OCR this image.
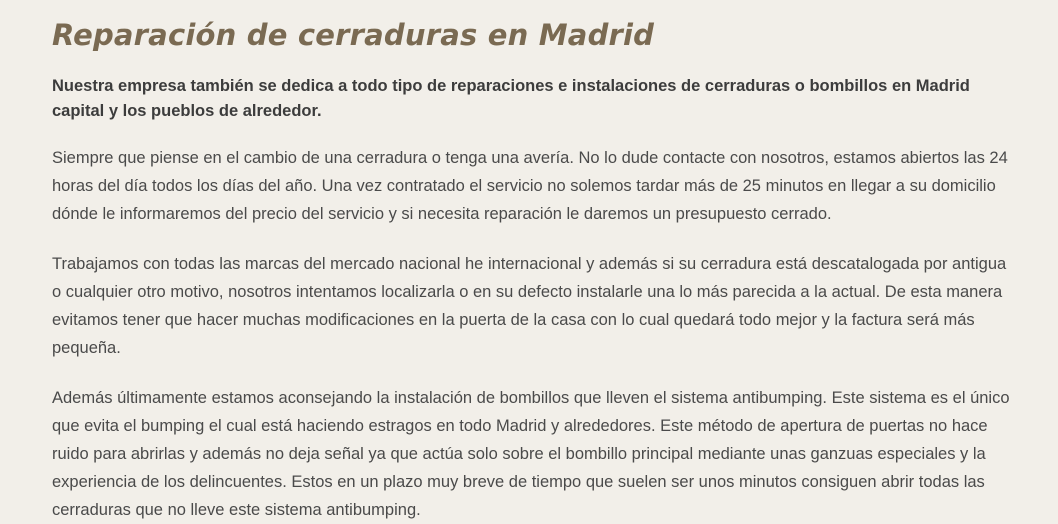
Reparación de cerraduras en Madrid

Nuestra empresa también se dedica a todo tipo de reparaciones e instalaciones de cerraduras o bombillos en Madrid capital y los pueblos de alrededor.

Siempre que piense en el cambio de una cerradura o tenga una avería. No lo dude contacte con nosotros, estamos abiertos las 24 horas del día todos los días del año. Una vez contratado el servicio no solemos tardar más de 25 minutos en llegar a su domicilio dónde le informaremos del precio del servicio y si necesita reparación le daremos un presupuesto cerrado.

Trabajamos con todas las marcas del mercado nacional he internacional y además si su cerradura está descatalogada por antigua o cualquier otro motivo, nosotros intentamos localizarla o en su defecto instalarle una lo más parecida a la actual. De esta manera evitamos tener que hacer muchas modificaciones en la puerta de la casa con lo cual quedará todo mejor y la factura será más pequeña.

Además últimamente estamos aconsejando la instalación de bombillos que lleven el sistema antibumping. Este sistema es el único que evita el bumping el cual está haciendo estragos en todo Madrid y alrededores. Este método de apertura de puertas no hace ruido para abrirlas y además no deja señal ya que actúa solo sobre el bombillo principal mediante unas ganzuas especiales y la experiencia de los delincuentes. Estos en un plazo muy breve de tiempo que suelen ser unos minutos consiguen abrir todas las cerraduras que no lleve este sistema antibumping.
